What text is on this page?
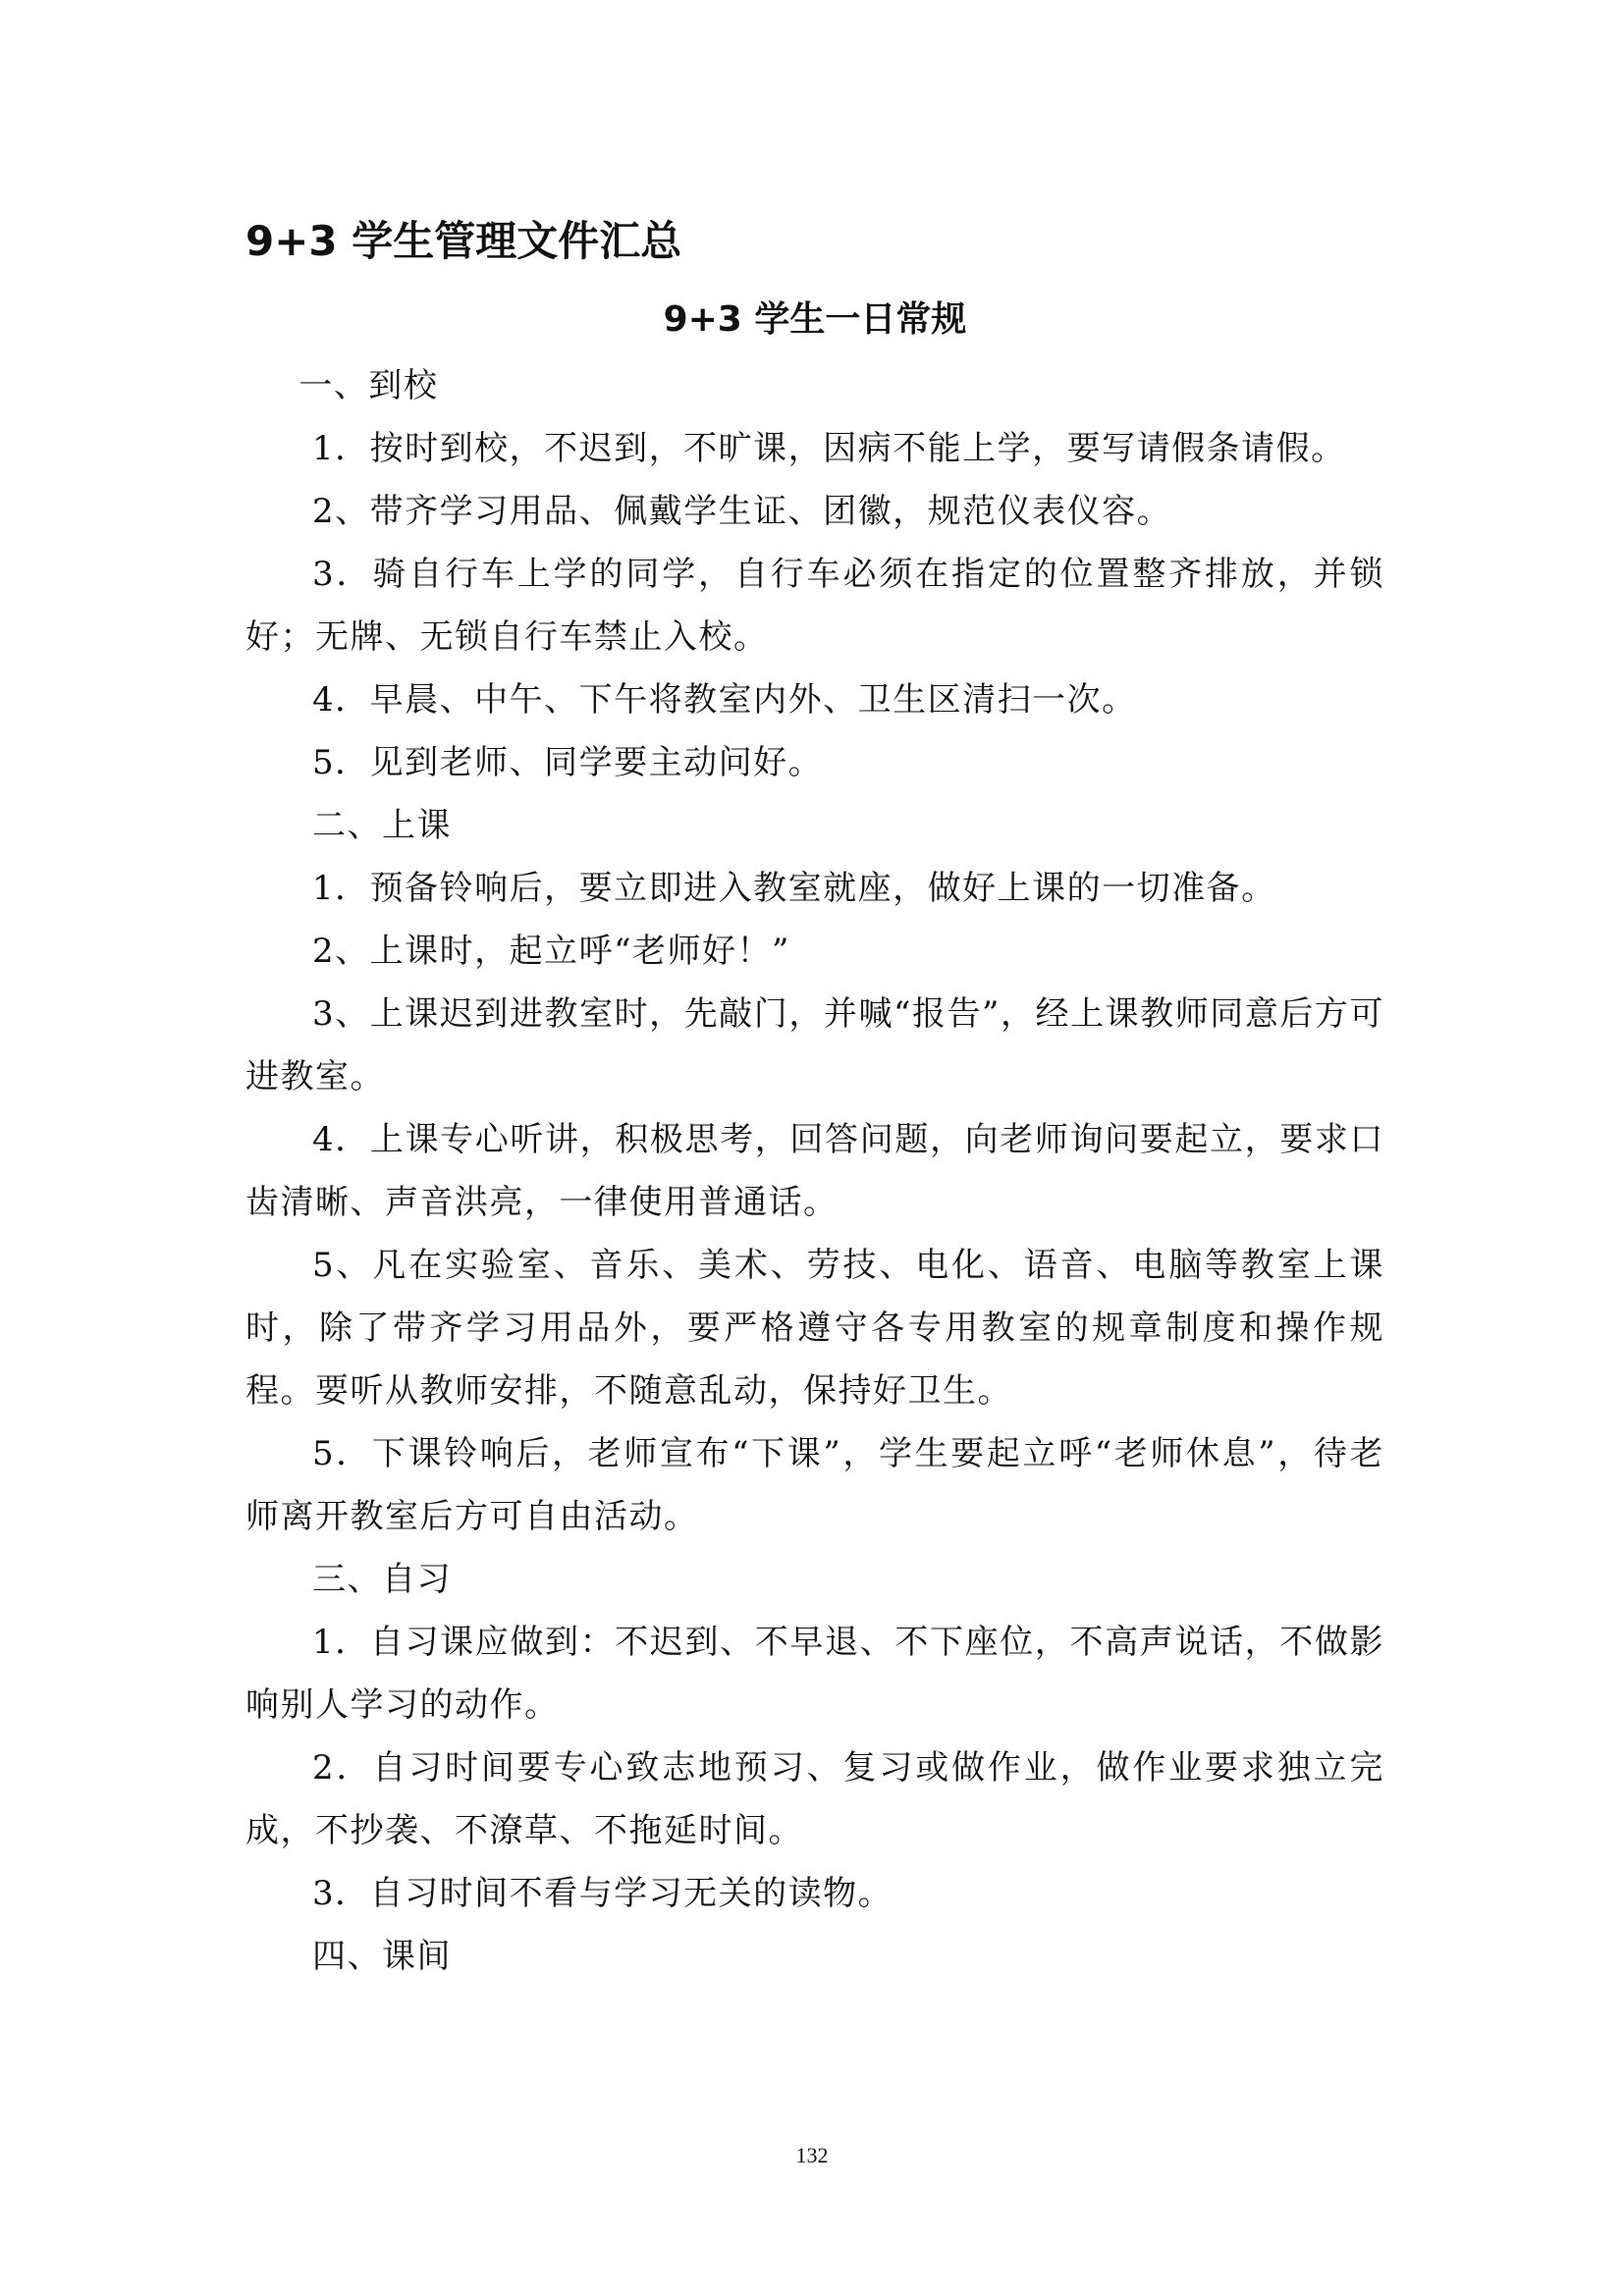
9+3 学生管理文件汇总
9+3 学生一日常规

一、到校

1．按时到校，不迟到，不旷课，因病不能上学，要写请假条请假。

2、带齐学习用品、佩戴学生证、团徽，规范仪表仪容。

3．骑自行车上学的同学，自行车必须在指定的位置整齐排放，并锁好；无牌、无锁自行车禁止入校。

4．早晨、中午、下午将教室内外、卫生区清扫一次。

5．见到老师、同学要主动问好。

二、上课

1．预备铃响后，要立即进入教室就座，做好上课的一切准备。

2、上课时，起立呼“老师好！”

3、上课迟到进教室时，先敲门，并喊“报告”，经上课教师同意后方可进教室。

4．上课专心听讲，积极思考，回答问题，向老师询问要起立，要求口齿清晰、声音洪亮，一律使用普通话。

5、凡在实验室、音乐、美术、劳技、电化、语音、电脑等教室上课时，除了带齐学习用品外，要严格遵守各专用教室的规章制度和操作规程。要听从教师安排，不随意乱动，保持好卫生。

5．下课铃响后，老师宣布“下课”，学生要起立呼“老师休息”，待老师离开教室后方可自由活动。

三、自习

1．自习课应做到：不迟到、不早退、不下座位，不高声说话，不做影响别人学习的动作。

2．自习时间要专心致志地预习、复习或做作业，做作业要求独立完成，不抄袭、不潦草、不拖延时间。

3．自习时间不看与学习无关的读物。

四、课间

132
